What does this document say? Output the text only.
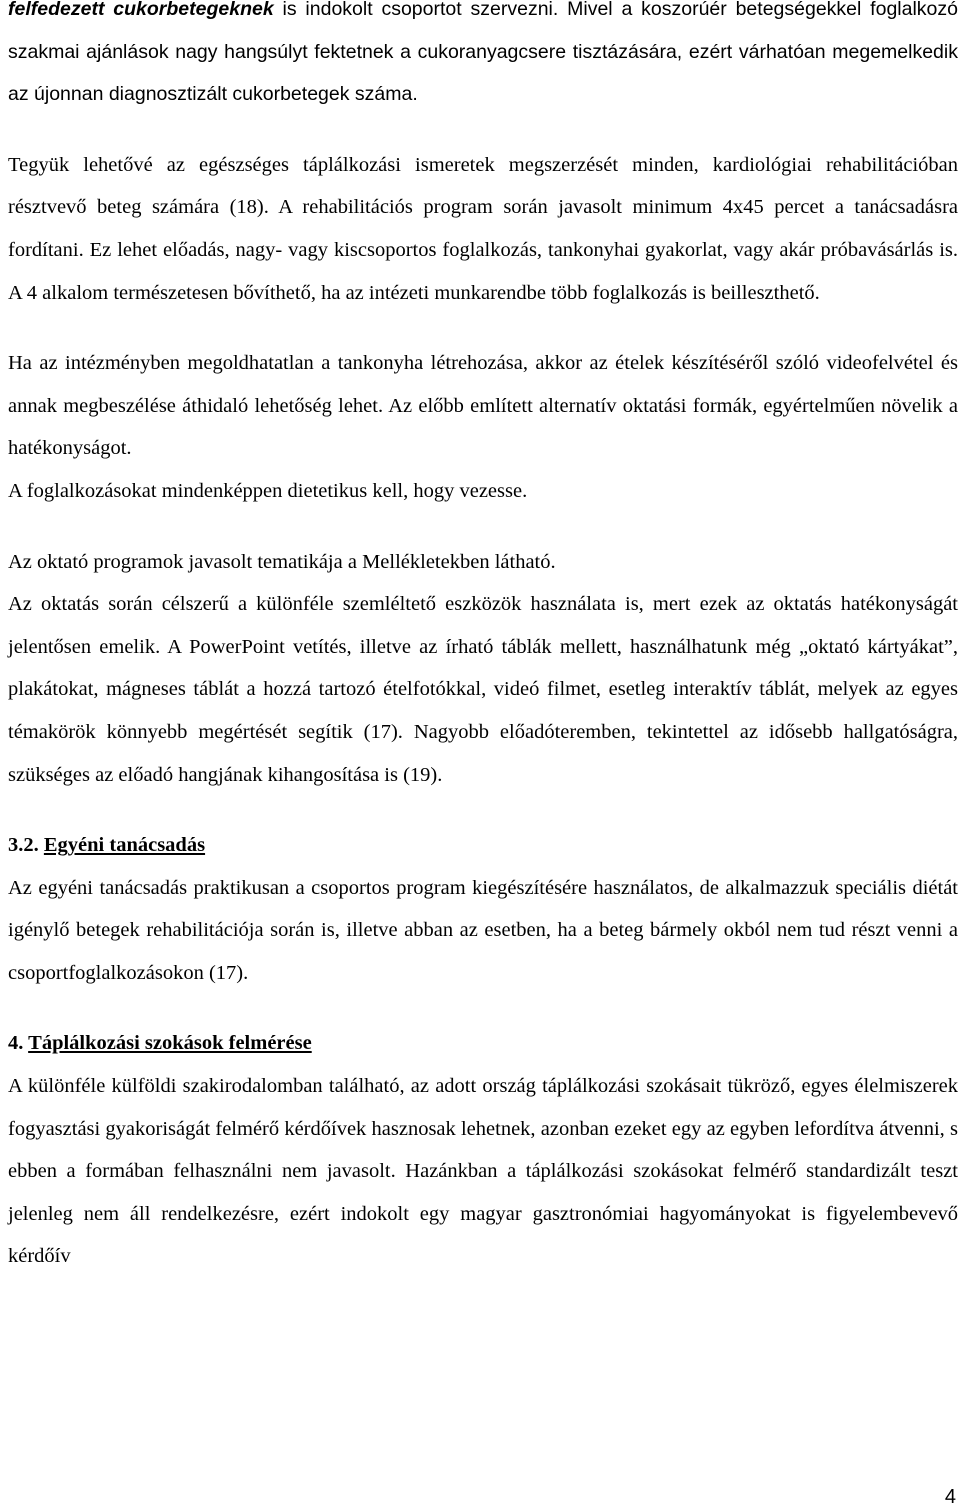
felfedezett cukorbetegeknek is indokolt csoportot szervezni. Mivel a koszorúér betegségekkel foglalkozó szakmai ajánlások nagy hangsúlyt fektetnek a cukoranyagcsere tisztázására, ezért várhatóan megemelkedik az újonnan diagnosztizált cukorbetegek száma.

Tegyük lehetővé az egészséges táplálkozási ismeretek megszerzését minden, kardiológiai rehabilitációban résztvevő beteg számára (18). A rehabilitációs program során javasolt minimum 4x45 percet a tanácsadásra fordítani. Ez lehet előadás, nagy- vagy kiscsoportos foglalkozás, tankonyhai gyakorlat, vagy akár próbavásárlás is. A 4 alkalom természetesen bővíthető, ha az intézeti munkarendbe több foglalkozás is beilleszthető.

Ha az intézményben megoldhatatlan a tankonyha létrehozása, akkor az ételek készítéséről szóló videofelvétel és annak megbeszélése áthidaló lehetőség lehet. Az előbb említett alternatív oktatási formák, egyértelműen növelik a hatékonyságot.

A foglalkozásokat mindenképpen dietetikus kell, hogy vezesse.

Az oktató programok javasolt tematikája a Mellékletekben látható.

Az oktatás során célszerű a különféle szemléltető eszközök használata is, mert ezek az oktatás hatékonyságát jelentősen emelik. A PowerPoint vetítés, illetve az írható táblák mellett, használhatunk még „oktató kártyákat”, plakátokat, mágneses táblát a hozzá tartozó ételfotókkal, videó filmet, esetleg interaktív táblát, melyek az egyes témakörök könnyebb megértését segítik (17). Nagyobb előadóteremben, tekintettel az idősebb hallgatóságra, szükséges az előadó hangjának kihangosítása is (19).

3.2. Egyéni tanácsadás

Az egyéni tanácsadás praktikusan a csoportos program kiegészítésére használatos, de alkalmazzuk speciális diétát igénylő betegek rehabilitációja során is, illetve abban az esetben, ha a beteg bármely okból nem tud részt venni a csoportfoglalkozásokon (17).

4. Táplálkozási szokások felmérése

A különféle külföldi szakirodalomban található, az adott ország táplálkozási szokásait tükröző, egyes élelmiszerek fogyasztási gyakoriságát felmérő kérdőívek hasznosak lehetnek, azonban ezeket egy az egyben lefordítva átvenni, s ebben a formában felhasználni nem javasolt. Hazánkban a táplálkozási szokásokat felmérő standardizált teszt jelenleg nem áll rendelkezésre, ezért indokolt egy magyar gasztronómiai hagyományokat is figyelembevevő kérdőív

4
